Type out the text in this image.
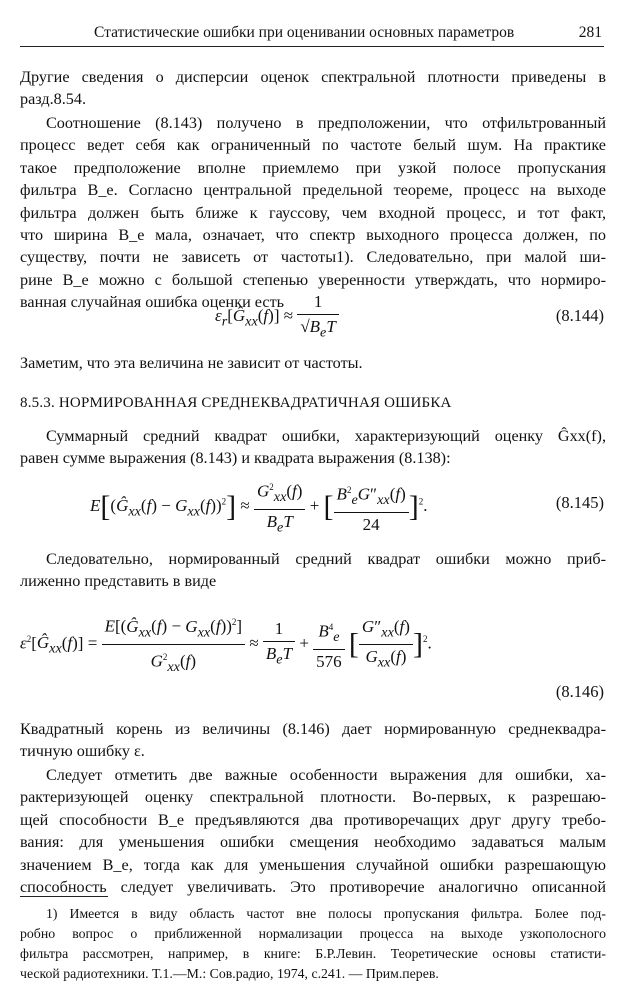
Статистические ошибки при оценивании основных параметров	281
Другие сведения о дисперсии оценок спектральной плотности приведены в
разд.8.54.
Соотношение (8.143) получено в предположении, что отфильтрованный
процесс ведет себя как ограниченный по частоте белый шум. На практике
такое предположение вполне приемлемо при узкой полосе пропускания
фильтра B_e. Согласно центральной предельной теореме, процесс на выходе
фильтра должен быть ближе к гауссову, чем входной процесс, и тот факт,
что ширина B_e мала, означает, что спектр выходного процесса должен, по
существу, почти не зависеть от частоты1). Следовательно, при малой ши-
рине B_e можно с большой степенью уверенности утверждать, что нормиро-
ванная случайная ошибка оценки есть
$\varepsilon_r[Ĝ_{xx}(f)] \approx \frac{1}{√B_eT}$	(8.144)
Заметим, что эта величина не зависит от частоты.
8.5.3. НОРМИРОВАННАЯ СРЕДНЕКВАДРАТИЧНАЯ ОШИБКА
Суммарный средний квадрат ошибки, характеризующий оценку Ĝxx(f),
равен сумме выражения (8.143) и квадрата выражения (8.138):
$E[(Ĝ_{xx}(f) - G_{xx}(f))^2] \approx \frac{G^2_{xx}(f)}{B_eT}$ + [ $\frac{B^2_eG''_{xx}(f)}{24} ]^2$.	(8.145)
Следовательно, нормированный средний квадрат ошибки можно приб-
лиженно представить в виде
$\varepsilon^2[Ĝ_{xx}(f)] = \frac{E[(Ĝ_{xx}(f) - G_{xx}(f))^2]}{G^2_{xx}(f)} \approx \frac{1}{B_eT} + \frac{B^4_e}{576}$ [ $\frac{G''_{xx}(f)}{G_{xx}(f)} ]^2$.
(8.146)
Квадратный корень из величины (8.146) дает нормированную среднеквадра-
тичную ошибку ε.
Следует отметить две важные особенности выражения для ошибки, ха-
рактеризующей оценку спектральной плотности. Во-первых, к разрешаю-
щей способности B_e предъявляются два противоречащих друг другу требо-
вания: для уменьшения ошибки смещения необходимо задаваться малым
значением B_e, тогда как для уменьшения случайной ошибки разрешающую
способность следует увеличивать. Это противоречие аналогично описанной
1) Имеется в виду область частот вне полосы пропускания фильтра. Более под-
робно вопрос о приближенной нормализации процесса на выходе узкополосного
фильтра рассмотрен, например, в книге: Б.Р.Левин. Теоретические основы статисти-
ческой радиотехники. Т.1.—М.: Сов.радио, 1974, с.241. — Прим.перев.
